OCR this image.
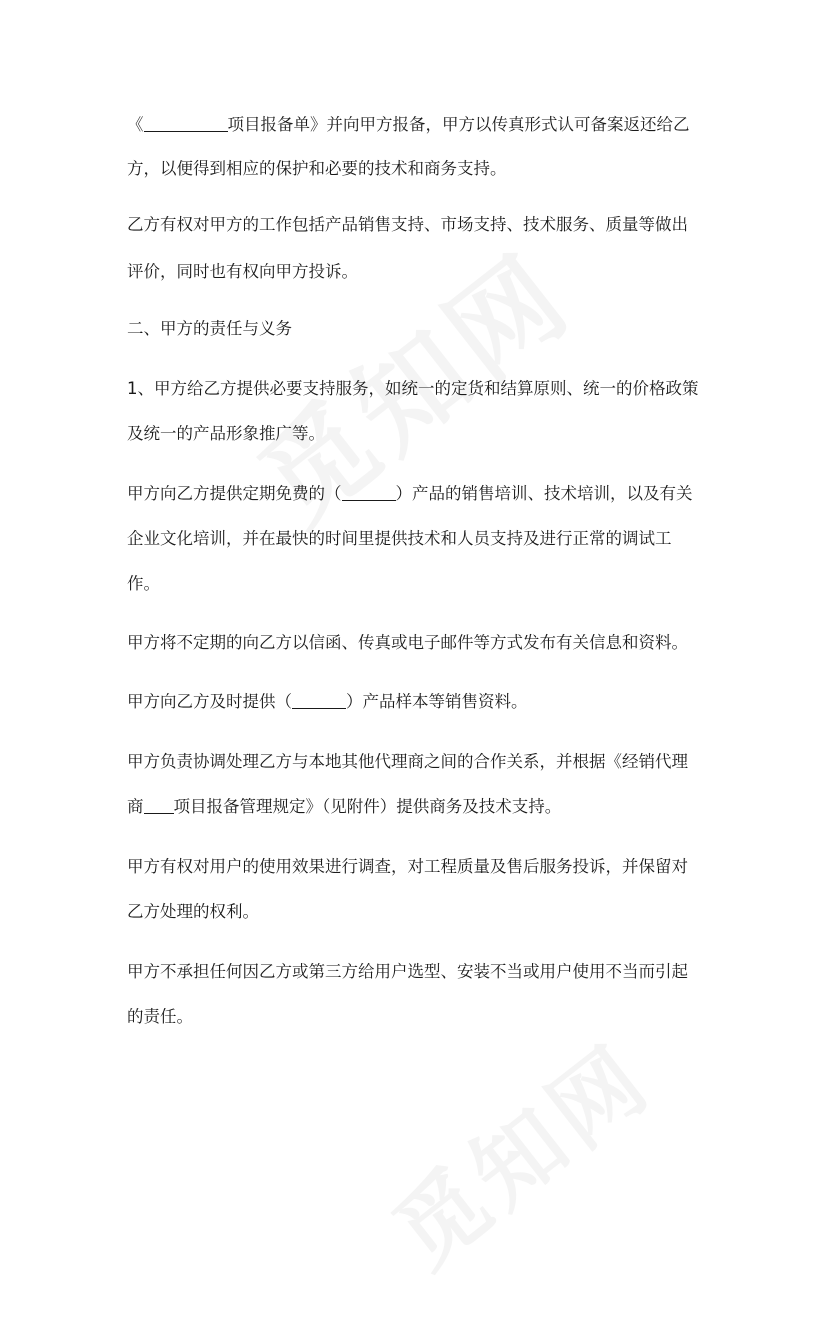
《	项目报备单》并向甲方报备，甲方以传真形式认可备案返还给乙
方，以便得到相应的保护和必要的技术和商务支持。
乙方有权对甲方的工作包括产品销售支持、市场支持、技术服务、质量等做出
评价，同时也有权向甲方投诉。
二、甲方的责任与义务
1、甲方给乙方提供必要支持服务，如统一的定货和结算原则、统一的价格政策
及统一的产品形象推广等。
甲方向乙方提供定期免费的（	）产品的销售培训、技术培训，以及有关
企业文化培训，并在最快的时间里提供技术和人员支持及进行正常的调试工
作。
甲方将不定期的向乙方以信函、传真或电子邮件等方式发布有关信息和资料。
甲方向乙方及时提供（	）产品样本等销售资料。
甲方负责协调处理乙方与本地其他代理商之间的合作关系，并根据《经销代理
商 项目报备管理规定》（见附件）提供商务及技术支持。
甲方有权对用户的使用效果进行调查，对工程质量及售后服务投诉，并保留对
乙方处理的权利。
甲方不承担任何因乙方或第三方给用户选型、安装不当或用户使用不当而引起
的责任。
